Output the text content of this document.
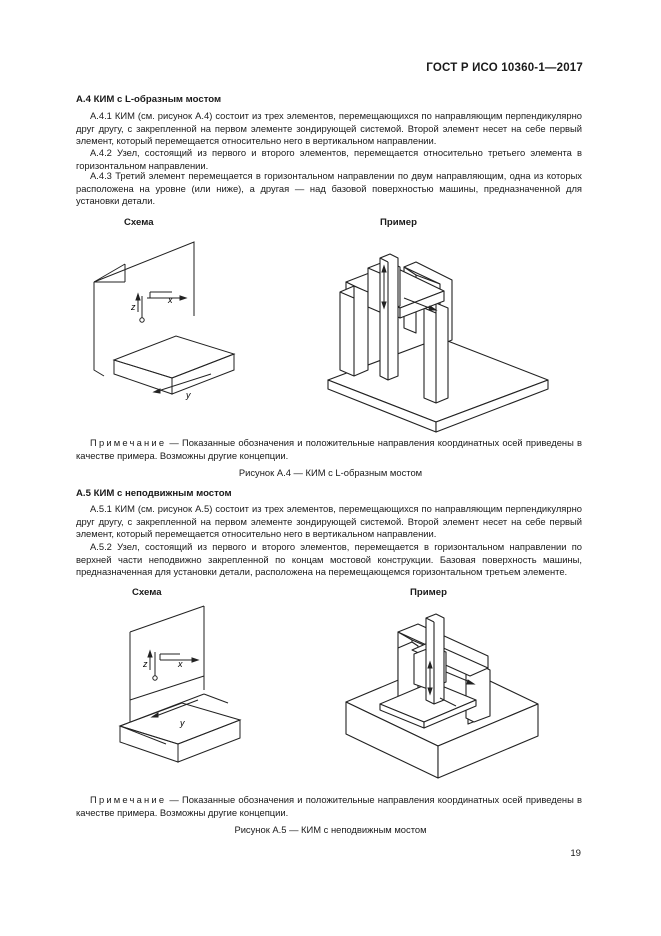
ГОСТ Р ИСО 10360-1—2017
А.4 КИМ с L-образным мостом
А.4.1 КИМ (см. рисунок А.4) состоит из трех элементов, перемещающихся по направляющим перпендикулярно друг другу, с закрепленной на первом элементе зондирующей системой. Второй элемент несет на себе первый элемент, который перемещается относительно него в вертикальном направлении.
А.4.2 Узел, состоящий из первого и второго элементов, перемещается относительно третьего элемента в горизонтальном направлении.
А.4.3 Третий элемент перемещается в горизонтальном направлении по двум направляющим, одна из которых расположена на уровне (или ниже), а другая — над базовой поверхностью машины, предназначенной для установки детали.
Схема	Пример
z
x
y
Примечание — Показанные обозначения и положительные направления координатных осей приведены в качестве примера. Возможны другие концепции.
Рисунок А.4 — КИМ с L-образным мостом
А.5 КИМ с неподвижным мостом
А.5.1 КИМ (см. рисунок А.5) состоит из трех элементов, перемещающихся по направляющим перпендикулярно друг другу, с закрепленной на первом элементе зондирующей системой. Второй элемент несет на себе первый элемент, который перемещается относительно него в вертикальном направлении.
А.5.2 Узел, состоящий из первого и второго элементов, перемещается в горизонтальном направлении по верхней части неподвижно закрепленной по концам мостовой конструкции. Базовая поверхность машины, предназначенная для установки детали, расположена на перемещающемся горизонтальном третьем элементе.
Схема	Пример
z	x
y
Примечание — Показанные обозначения и положительные направления координатных осей приведены в качестве примера. Возможны другие концепции.
Рисунок А.5 — КИМ с неподвижным мостом
19
